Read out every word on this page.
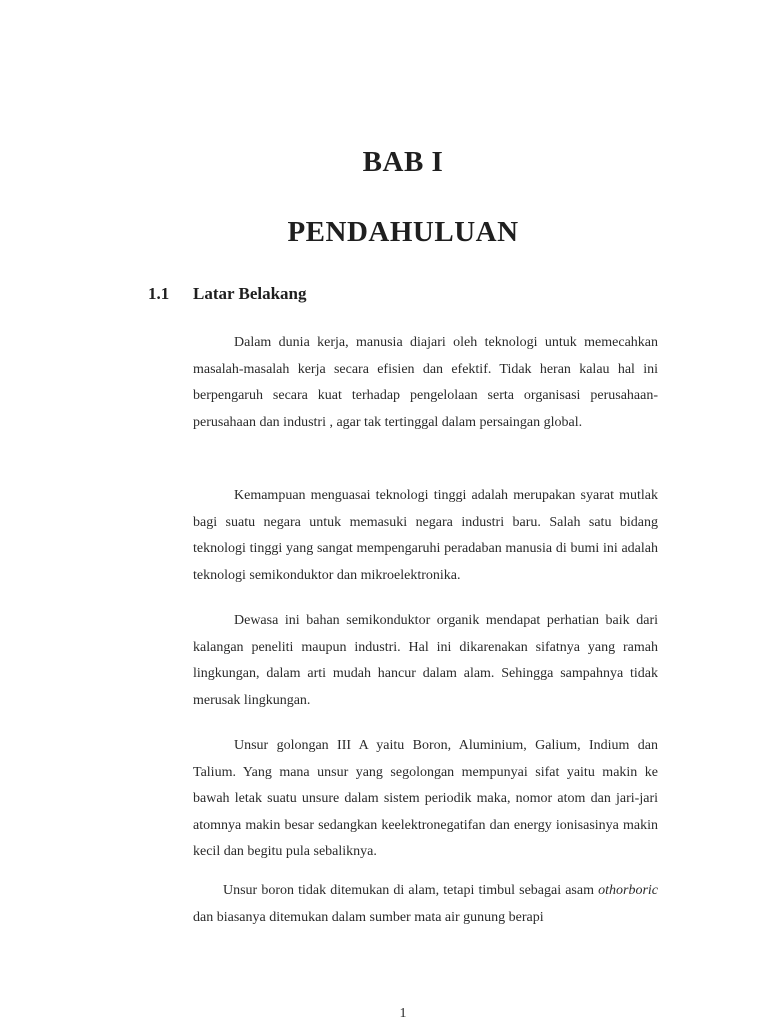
BAB I
PENDAHULUAN
1.1 Latar Belakang

Dalam dunia kerja, manusia diajari oleh teknologi untuk memecahkan masalah-masalah kerja secara efisien dan efektif. Tidak heran kalau hal ini berpengaruh secara kuat terhadap pengelolaan serta organisasi perusahaan-perusahaan dan industri , agar tak tertinggal dalam persaingan global.

Kemampuan menguasai teknologi tinggi adalah merupakan syarat mutlak bagi suatu negara untuk memasuki negara industri baru. Salah satu bidang teknologi tinggi yang sangat mempengaruhi peradaban manusia di bumi ini adalah teknologi semikonduktor dan mikroelektronika.

Dewasa ini bahan semikonduktor organik mendapat perhatian baik dari kalangan peneliti maupun industri. Hal ini dikarenakan sifatnya yang ramah lingkungan, dalam arti mudah hancur dalam alam. Sehingga sampahnya tidak merusak lingkungan.

Unsur golongan III A yaitu Boron, Aluminium, Galium, Indium dan Talium. Yang mana unsur yang segolongan mempunyai sifat yaitu makin ke bawah letak suatu unsure dalam sistem periodik maka, nomor atom dan jari-jari atomnya makin besar sedangkan keelektronegatifan dan energy ionisasinya makin kecil dan begitu pula sebaliknya.

Unsur boron tidak ditemukan di alam, tetapi timbul sebagai asam othorboric dan biasanya ditemukan dalam sumber mata air gunung berapi

1
